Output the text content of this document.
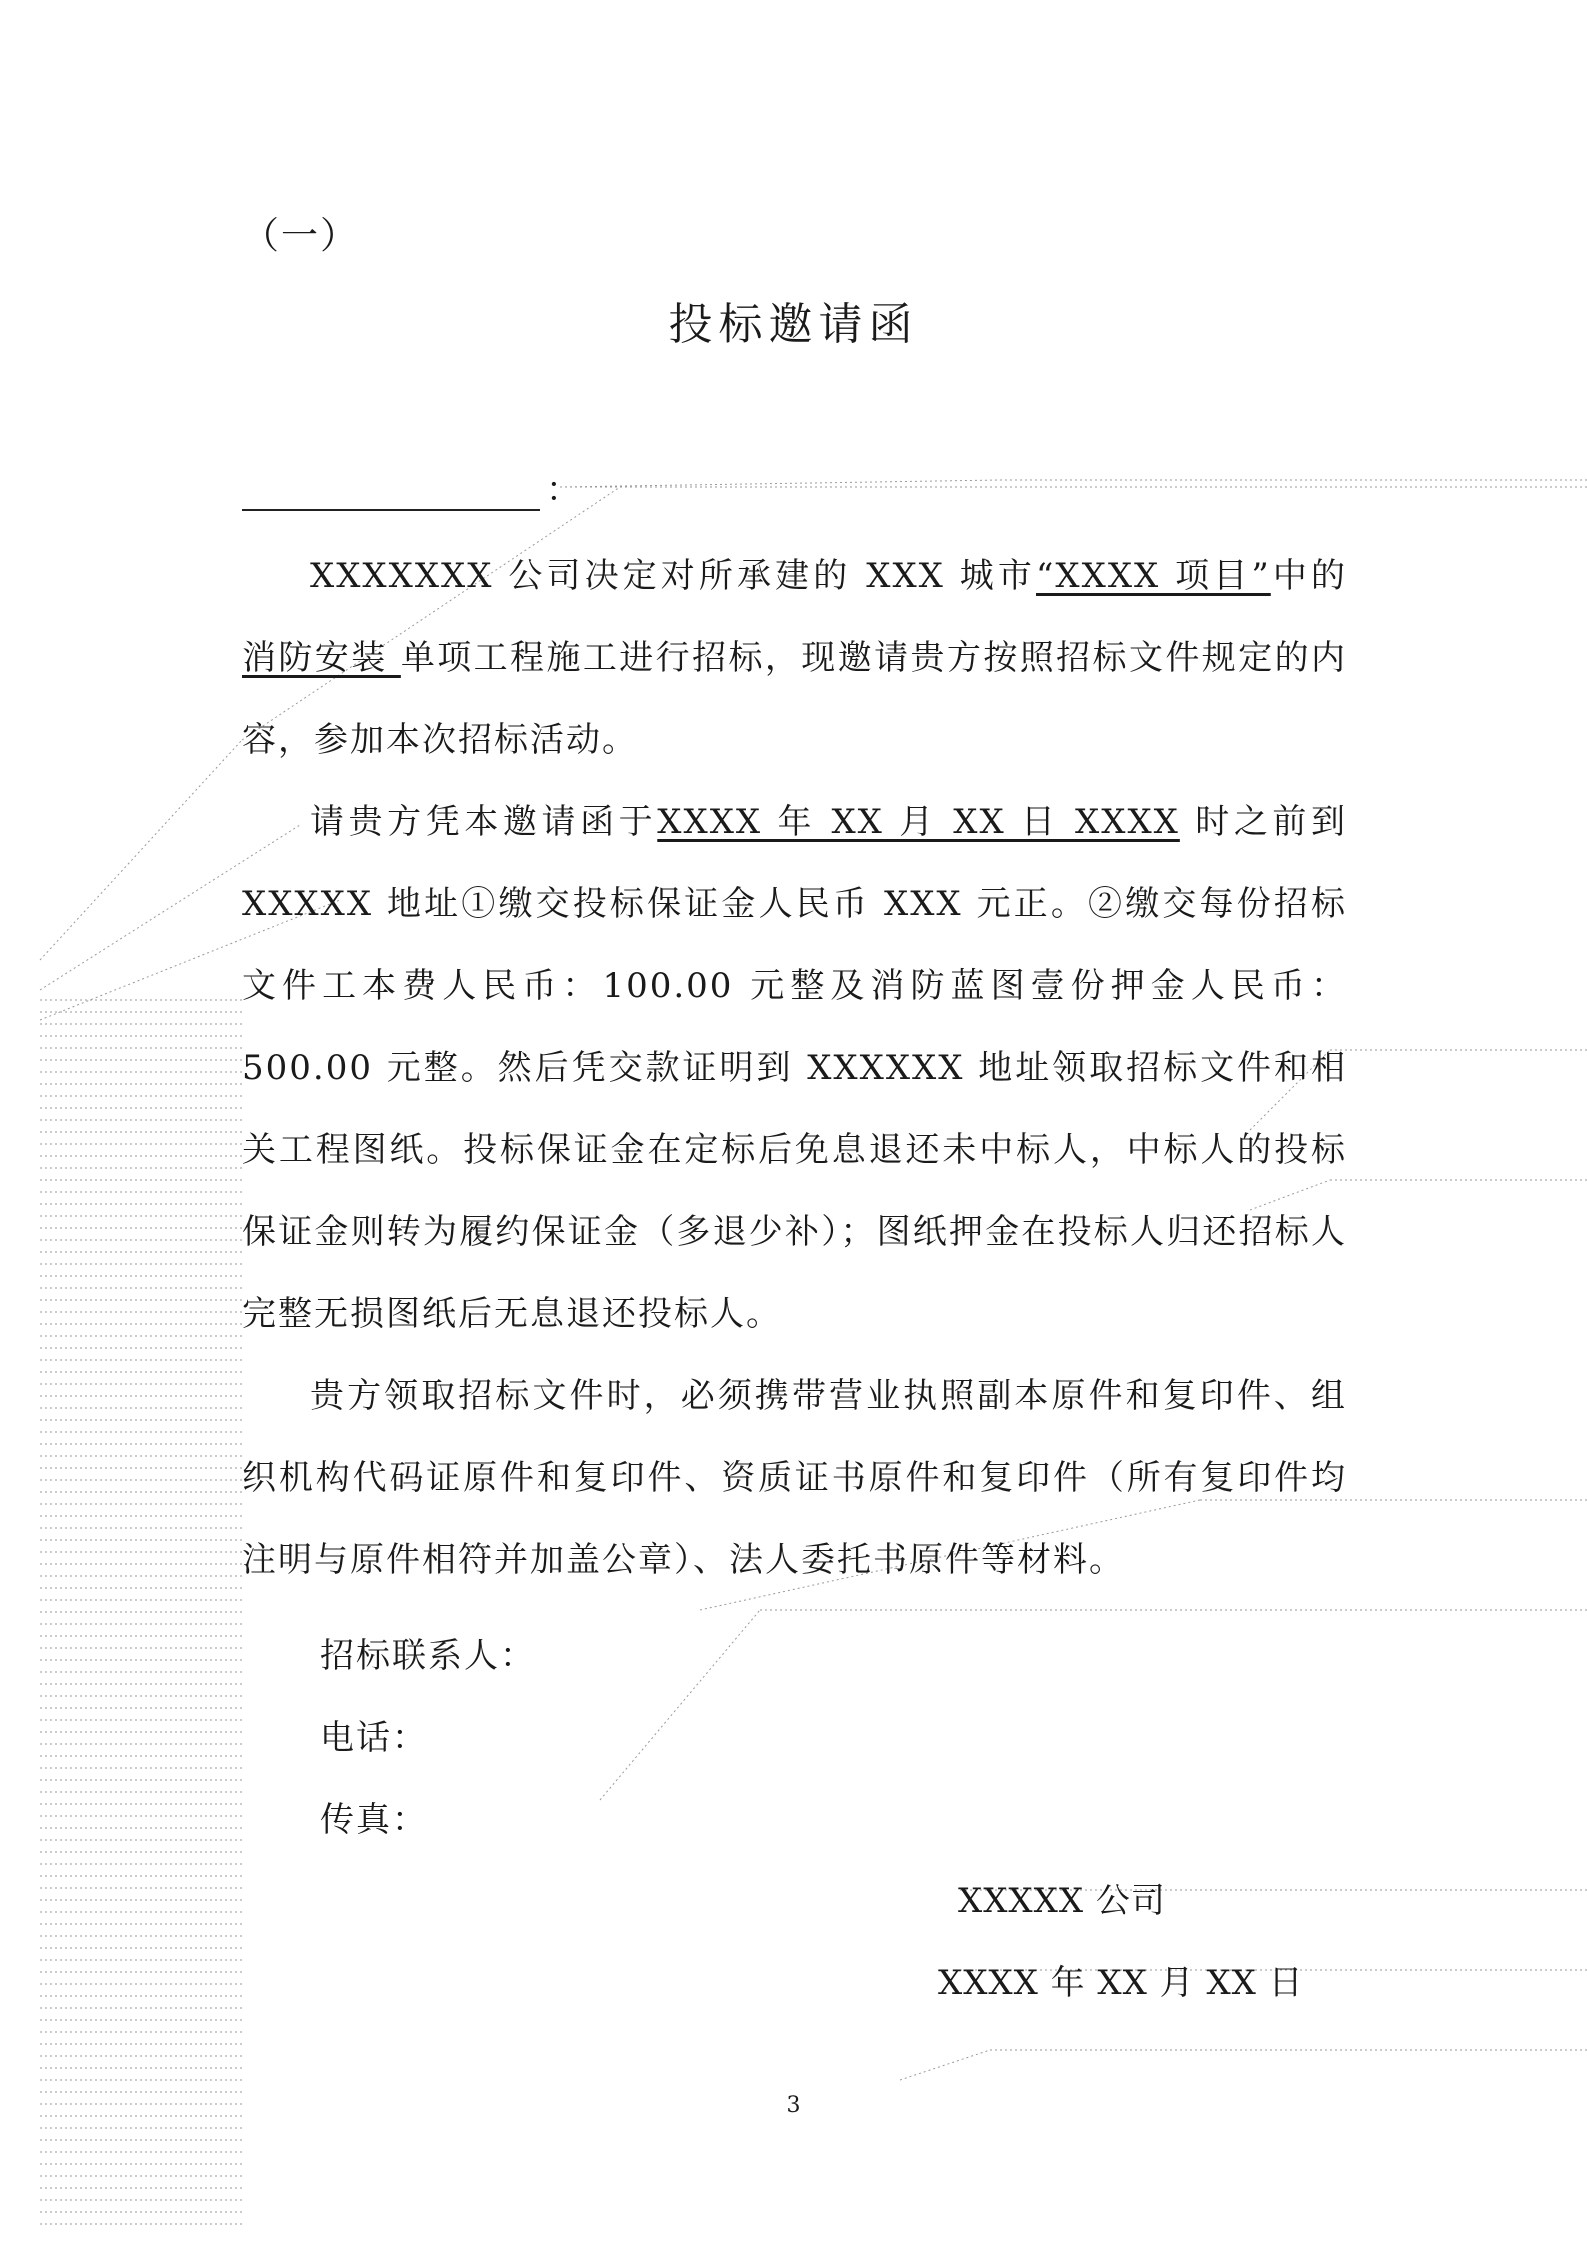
（一）
投标邀请函
：

XXXXXXX 公司决定对所承建的 XXX 城市“XXXX 项目”中的 消防安装 单项工程施工进行招标，现邀请贵方按照招标文件规定的内容，参加本次招标活动。

请贵方凭本邀请函于XXXX 年 XX 月 XX 日 XXXX 时之前到 XXXXX 地址①缴交投标保证金人民币 XXX 元正。②缴交每份招标文件工本费人民币：100.00 元整及消防蓝图壹份押金人民币：500.00 元整。然后凭交款证明到 XXXXXX 地址领取招标文件和相关工程图纸。投标保证金在定标后免息退还未中标人，中标人的投标保证金则转为履约保证金（多退少补）；图纸押金在投标人归还招标人完整无损图纸后无息退还投标人。

贵方领取招标文件时，必须携带营业执照副本原件和复印件、组织机构代码证原件和复印件、资质证书原件和复印件（所有复印件均注明与原件相符并加盖公章）、法人委托书原件等材料。

招标联系人：
电话：
传真：
XXXXX 公司
XXXX 年 XX 月 XX 日
3
